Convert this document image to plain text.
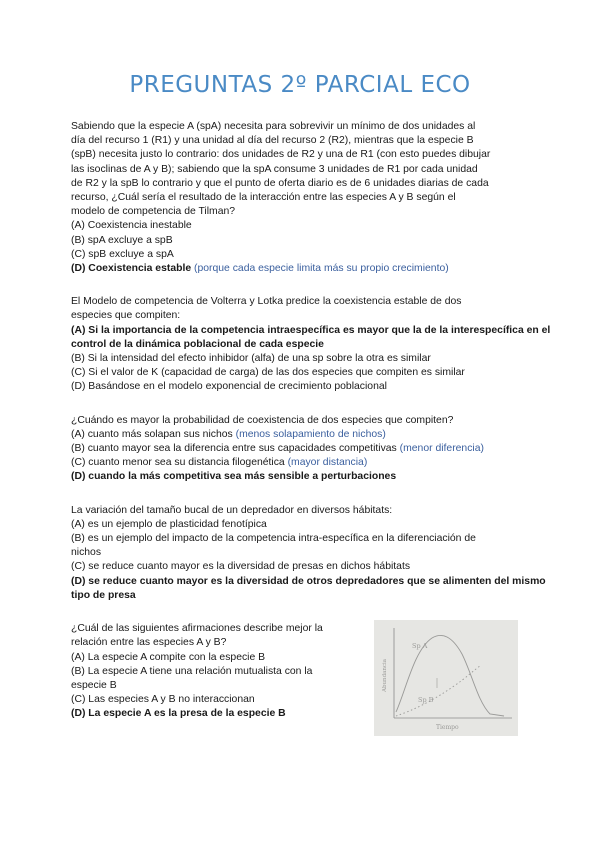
PREGUNTAS 2º PARCIAL ECO
Sabiendo que la especie A (spA) necesita para sobrevivir un mínimo de dos unidades al
día del recurso 1 (R1) y una unidad al día del recurso 2 (R2), mientras que la especie B
(spB) necesita justo lo contrario: dos unidades de R2 y una de R1 (con esto puedes dibujar
las isoclinas de A y B); sabiendo que la spA consume 3 unidades de R1 por cada unidad
de R2 y la spB lo contrario y que el punto de oferta diario es de 6 unidades diarias de cada
recurso, ¿Cuál sería el resultado de la interacción entre las especies A y B según el
modelo de competencia de Tilman?
(A) Coexistencia inestable
(B) spA excluye a spB
(C) spB excluye a spA
(D) Coexistencia estable (porque cada especie limita más su propio crecimiento)
El Modelo de competencia de Volterra y Lotka predice la coexistencia estable de dos
especies que compiten:
(A) Si la importancia de la competencia intraespecífica es mayor que la de la interespecífica en el
control de la dinámica poblacional de cada especie
(B) Si la intensidad del efecto inhibidor (alfa) de una sp sobre la otra es similar
(C) Si el valor de K (capacidad de carga) de las dos especies que compiten es similar
(D) Basándose en el modelo exponencial de crecimiento poblacional
¿Cuándo es mayor la probabilidad de coexistencia de dos especies que compiten?
(A) cuanto más solapan sus nichos (menos solapamiento de nichos)
(B) cuanto mayor sea la diferencia entre sus capacidades competitivas (menor diferencia)
(C) cuanto menor sea su distancia filogenética (mayor distancia)
(D) cuando la más competitiva sea más sensible a perturbaciones
La variación del tamaño bucal de un depredador en diversos hábitats:
(A) es un ejemplo de plasticidad fenotípica
(B) es un ejemplo del impacto de la competencia intra-específica en la diferenciación de
nichos
(C) se reduce cuanto mayor es la diversidad de presas en dichos hábitats
(D) se reduce cuanto mayor es la diversidad de otros depredadores que se alimenten del mismo
tipo de presa
¿Cuál de las siguientes afirmaciones describe mejor la
relación entre las especies A y B?
(A) La especie A compite con la especie B
(B) La especie A tiene una relación mutualista con la
especie B
(C) Las especies A y B no interaccionan
(D) La especie A es la presa de la especie B
Sp A
Sp B
Abundancia
Tiempo
